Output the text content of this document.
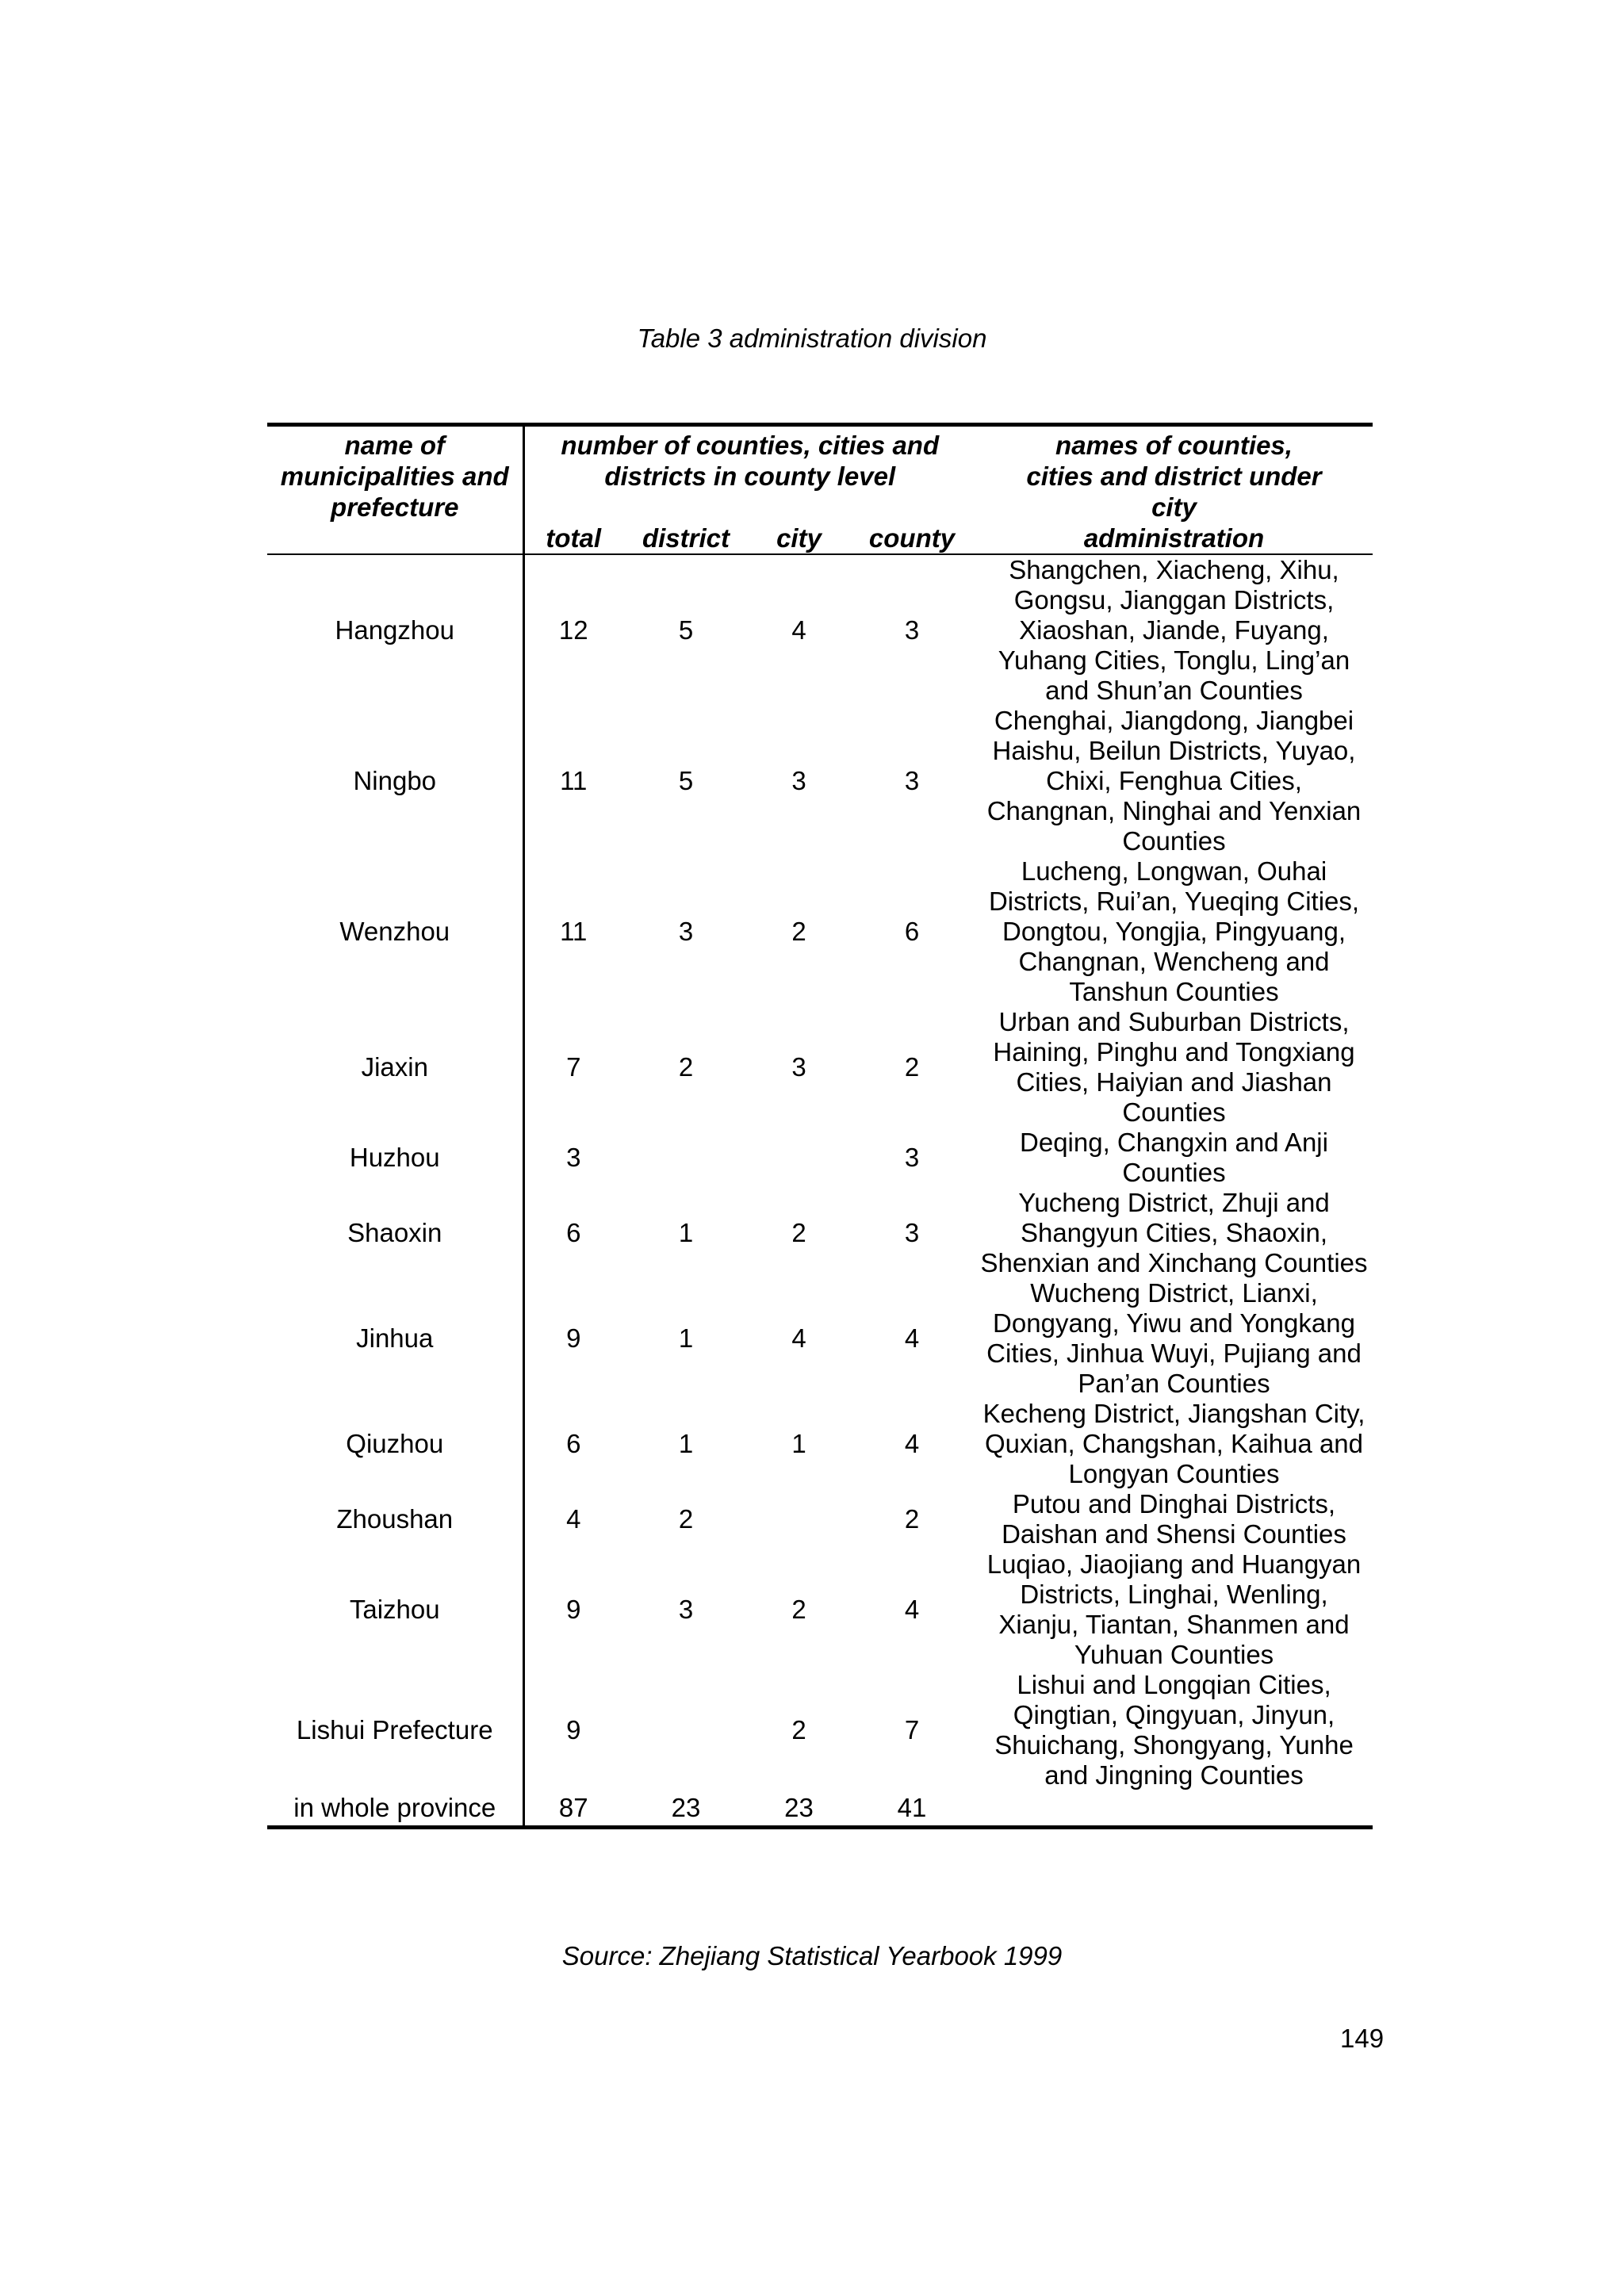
Table 3 administration division
name of municipalities and prefecture	number of counties, cities and districts in county level				names of counties, cities and district under city
	total	district	city	county	administration

Hangzhou	12	5	4	3	Shangchen, Xiacheng, Xihu, Gongsu, Jianggan Districts, Xiaoshan, Jiande, Fuyang, Yuhang Cities, Tonglu, Ling’an and Shun’an Counties
Ningbo	11	5	3	3	Chenghai, Jiangdong, Jiangbei Haishu, Beilun Districts, Yuyao, Chixi, Fenghua Cities, Changnan, Ninghai and Yenxian Counties
Wenzhou	11	3	2	6	Lucheng, Longwan, Ouhai Districts, Rui’an, Yueqing Cities, Dongtou, Yongjia, Pingyuang, Changnan, Wencheng and Tanshun Counties
Jiaxin	7	2	3	2	Urban and Suburban Districts, Haining, Pinghu and Tongxiang Cities, Haiyian and Jiashan Counties
Huzhou	3			3	Deqing, Changxin and Anji Counties
Shaoxin	6	1	2	3	Yucheng District, Zhuji and Shangyun Cities, Shaoxin, Shenxian and Xinchang Counties
Jinhua	9	1	4	4	Wucheng District, Lianxi, Dongyang, Yiwu and Yongkang Cities, Jinhua Wuyi, Pujiang and Pan’an Counties
Qiuzhou	6	1	1	4	Kecheng District, Jiangshan City, Quxian, Changshan, Kaihua and Longyan Counties
Zhoushan	4	2		2	Putou and Dinghai Districts, Daishan and Shensi Counties
Taizhou	9	3	2	4	Luqiao, Jiaojiang and Huangyan Districts, Linghai, Wenling, Xianju, Tiantan, Shanmen and Yuhuan Counties
Lishui Prefecture	9		2	7	Lishui and Longqian Cities, Qingtian, Qingyuan, Jinyun, Shuichang, Shongyang, Yunhe and Jingning Counties
in whole province	87	23	23	41	
Source: Zhejiang Statistical Yearbook 1999
149
